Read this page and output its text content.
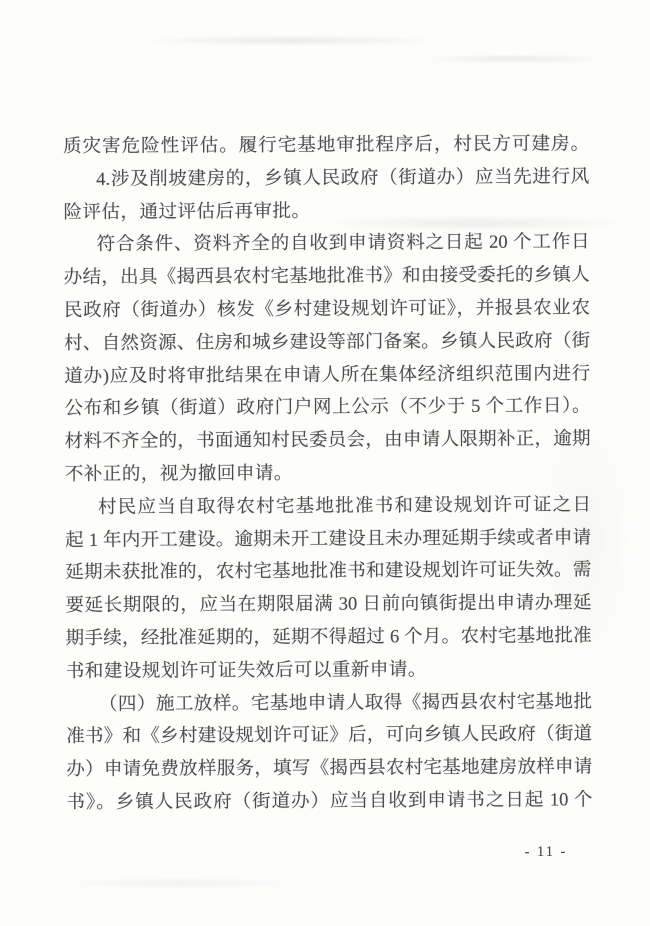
质灾害危险性评估。履行宅基地审批程序后，村民方可建房。
4.涉及削坡建房的，乡镇人民政府（街道办）应当先进行风
险评估，通过评估后再审批。
符合条件、资料齐全的自收到申请资料之日起 20 个工作日
办结，出具《揭西县农村宅基地批准书》和由接受委托的乡镇人
民政府（街道办）核发《乡村建设规划许可证》，并报县农业农
村、自然资源、住房和城乡建设等部门备案。乡镇人民政府（街
道办)应及时将审批结果在申请人所在集体经济组织范围内进行
公布和乡镇（街道）政府门户网上公示（不少于 5 个工作日）。
材料不齐全的，书面通知村民委员会，由申请人限期补正，逾期
不补正的，视为撤回申请。
村民应当自取得农村宅基地批准书和建设规划许可证之日
起 1 年内开工建设。逾期未开工建设且未办理延期手续或者申请
延期未获批准的，农村宅基地批准书和建设规划许可证失效。需
要延长期限的，应当在期限届满 30 日前向镇街提出申请办理延
期手续，经批准延期的，延期不得超过 6 个月。农村宅基地批准
书和建设规划许可证失效后可以重新申请。
（四）施工放样。宅基地申请人取得《揭西县农村宅基地批
准书》和《乡村建设规划许可证》后，可向乡镇人民政府（街道
办）申请免费放样服务，填写《揭西县农村宅基地建房放样申请
书》。乡镇人民政府（街道办）应当自收到申请书之日起 10 个
- 11 -
